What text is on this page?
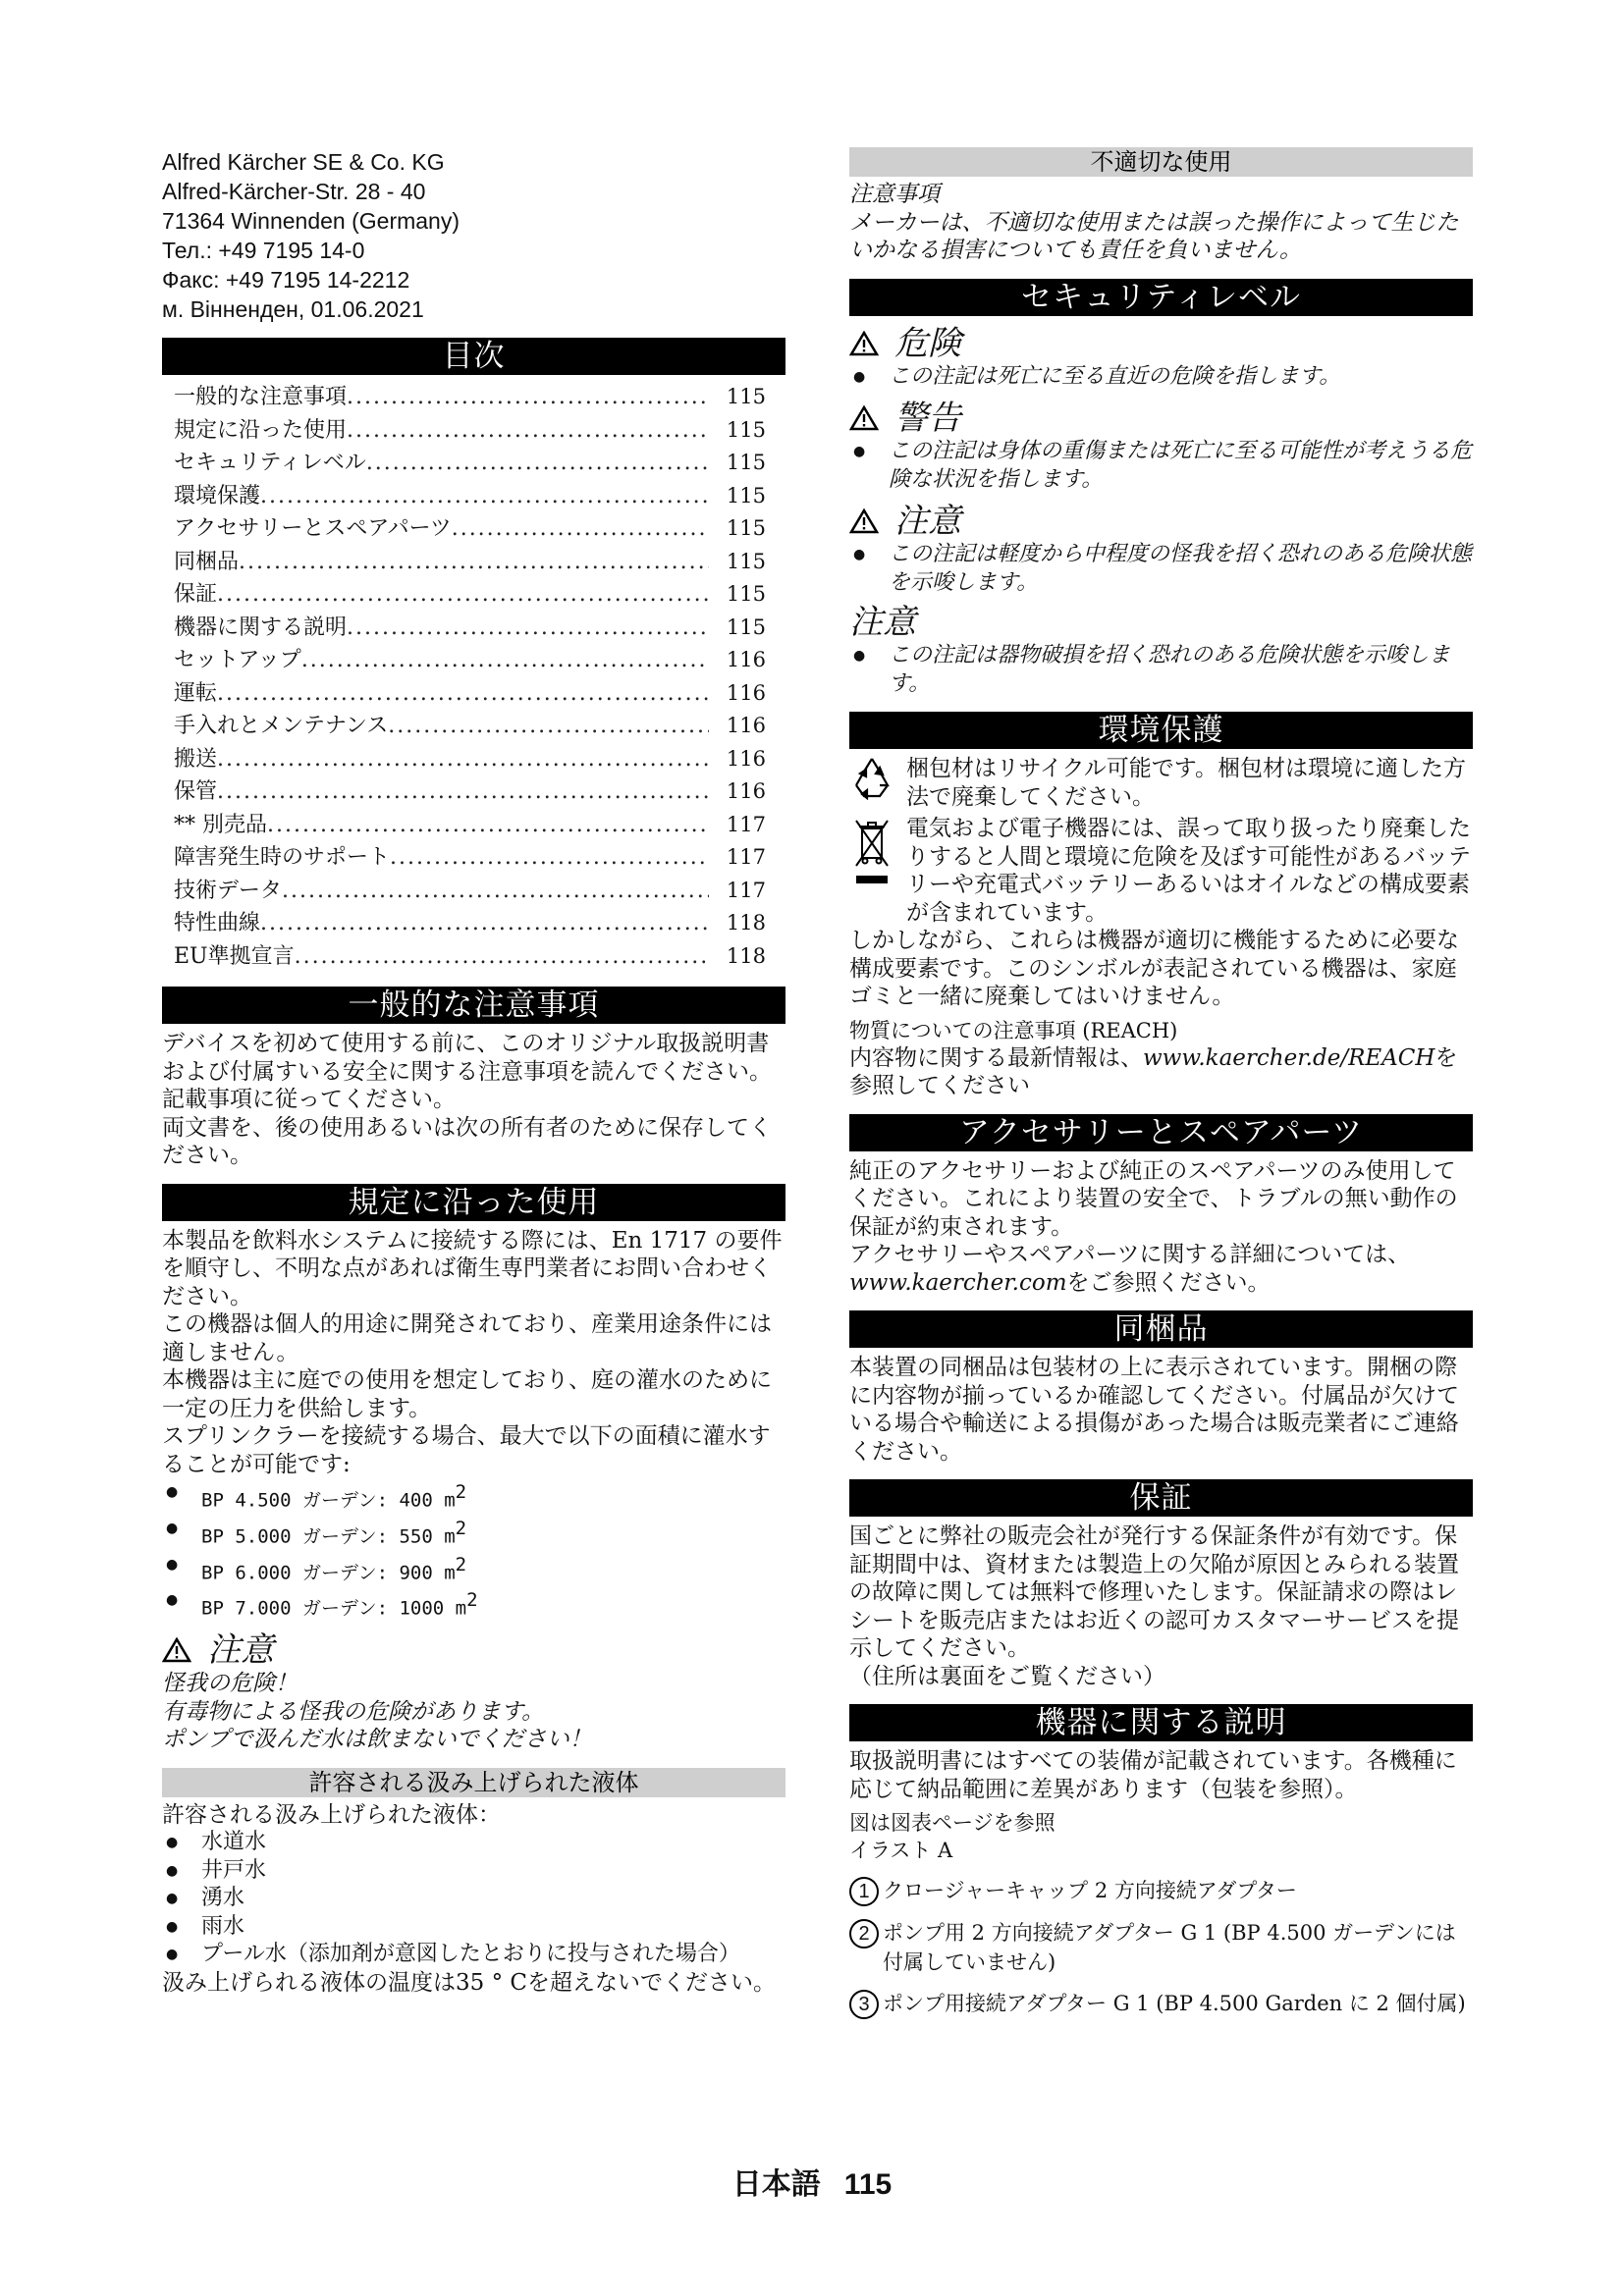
Alfred Kärcher SE & Co. KG
Alfred-Kärcher-Str. 28 - 40
71364 Winnenden (Germany)
Тел.: +49 7195 14-0
Факс: +49 7195 14-2212
м. Вінненден, 01.06.2021
目次
一般的な注意事項 .....	115
規定に沿った使用 .....	115
セキュリティレベル .....	115
環境保護 .....	115
アクセサリーとスペアパーツ .....	115
同梱品 .....	115
保証 .....	115
機器に関する説明 .....	115
セットアップ .....	116
運転 .....	116
手入れとメンテナンス .....	116
搬送 .....	116
保管 .....	116
** 別売品 .....	117
障害発生時のサポート .....	117
技術データ .....	117
特性曲線 .....	118
EU準拠宣言 .....	118
一般的な注意事項

デバイスを初めて使用する前に、このオリジナル取扱説明書および付属すいる安全に関する注意事項を読んでください。記載事項に従ってください。

両文書を、後の使用あるいは次の所有者のために保存してください。

規定に沿った使用

本製品を飲料水システムに接続する際には、En 1717 の要件を順守し、不明な点があれば衛生専門業者にお問い合わせください。

この機器は個人的用途に開発されており、産業用途条件には適しません。

本機器は主に庭での使用を想定しており、庭の灌水のために一定の圧力を供給します。

スプリンクラーを接続する場合、最大で以下の面積に灌水することが可能です:

● BP 4.500 ガーデン: 400 $m^2$
● BP 5.000 ガーデン: 550 $m^2$
● BP 6.000 ガーデン: 900 $m^2$
● BP 7.000 ガーデン: 1000 $m^2$
注意

怪我の危険！

有毒物による怪我の危険があります。

ポンプで汲んだ水は飲まないでください！

許容される汲み上げられた液体

許容される汲み上げられた液体：

● 水道水
● 井戸水
● 湧水
● 雨水
● プール水（添加剤が意図したとおりに投与された場合）

汲み上げられる液体の温度は35 ° Cを超えないでください。

不適切な使用

注意事項

メーカーは、不適切な使用または誤った操作によって生じたいかなる損害についても責任を負いません。

セキュリティレベル
危険
● この注記は死亡に至る直近の危険を指します。
警告
● この注記は身体の重傷または死亡に至る可能性が考えうる危険な状況を指します。
注意
● この注記は軽度から中程度の怪我を招く恐れのある危険状態を示唆します。
注意
● この注記は器物破損を招く恐れのある危険状態を示唆します。
環境保護

梱包材はリサイクル可能です。梱包材は環境に適した方法で廃棄してください。

電気および電子機器には、誤って取り扱ったり廃棄したりすると人間と環境に危険を及ぼす可能性があるバッテリーや充電式バッテリーあるいはオイルなどの構成要素が含まれています。

しかしながら、これらは機器が適切に機能するために必要な構成要素です。このシンボルが表記されている機器は、家庭ゴミと一緒に廃棄してはいけません。

物質についての注意事項 (REACH)

内容物に関する最新情報は、www.kaercher.de/REACHを参照してください

アクセサリーとスペアパーツ

純正のアクセサリーおよび純正のスペアパーツのみ使用してください。これにより装置の安全で、トラブルの無い動作の保証が約束されます。

アクセサリーやスペアパーツに関する詳細については、www.kaercher.comをご参照ください。

同梱品

本装置の同梱品は包装材の上に表示されています。開梱の際に内容物が揃っているか確認してください。付属品が欠けている場合や輸送による損傷があった場合は販売業者にご連絡ください。

保証

国ごとに弊社の販売会社が発行する保証条件が有効です。保証期間中は、資材または製造上の欠陥が原因とみられる装置の故障に関しては無料で修理いたします。保証請求の際はレシートを販売店またはお近くの認可カスタマーサービスを提示してください。

（住所は裏面をご覧ください）

機器に関する説明

取扱説明書にはすべての装備が記載されています。各機種に応じて納品範囲に差異があります（包装を参照）。

図は図表ページを参照
イラスト A
1 クロージャーキャップ 2 方向接続アダプター
2 ポンプ用 2 方向接続アダプター G 1 (BP 4.500 ガーデンには付属していません)
3 ポンプ用接続アダプター G 1 (BP 4.500 Garden に 2 個付属)
日本語 115
